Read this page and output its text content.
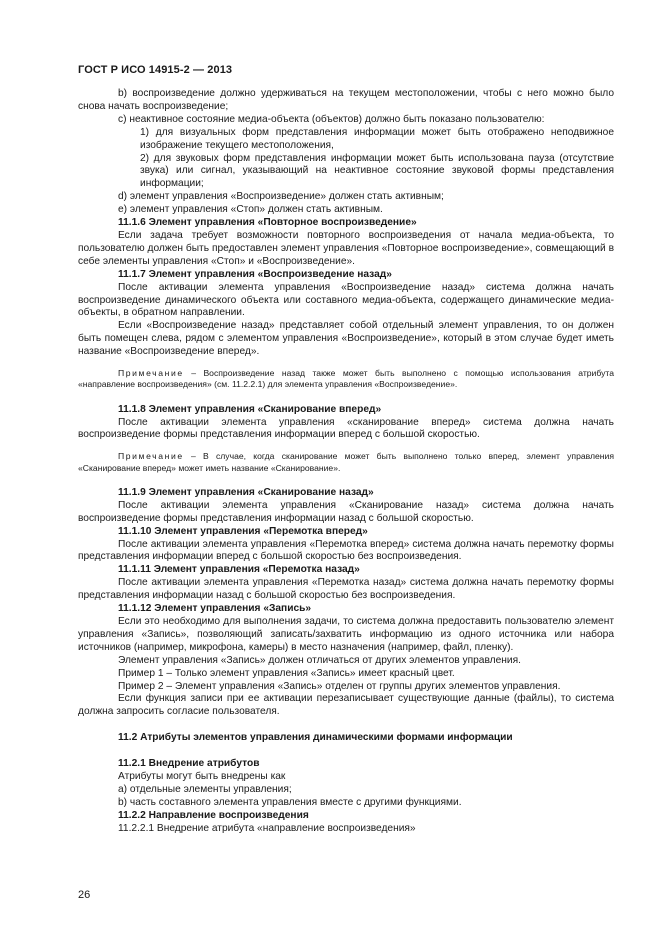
ГОСТ Р ИСО 14915-2 — 2013

b) воспроизведение должно удерживаться на текущем местоположении, чтобы с него можно было снова начать воспроизведение;

c) неактивное состояние медиа-объекта (объектов) должно быть показано пользователю:

1) для визуальных форм представления информации может быть отображено неподвижное изображение текущего местоположения,

2) для звуковых форм представления информации может быть использована пауза (отсутствие звука) или сигнал, указывающий на неактивное состояние звуковой формы представления информации;

d) элемент управления «Воспроизведение» должен стать активным;

e) элемент управления «Стоп» должен стать активным.

11.1.6 Элемент управления «Повторное воспроизведение»

Если задача требует возможности повторного воспроизведения от начала медиа-объекта, то пользователю должен быть предоставлен элемент управления «Повторное воспроизведение», совмещающий в себе элементы управления «Стоп» и «Воспроизведение».

11.1.7 Элемент управления «Воспроизведение назад»

После активации элемента управления «Воспроизведение назад» система должна начать воспроизведение динамического объекта или составного медиа-объекта, содержащего динамические медиа-объекты, в обратном направлении.

Если «Воспроизведение назад» представляет собой отдельный элемент управления, то он должен быть помещен слева, рядом с элементом управления «Воспроизведение», который в этом случае будет иметь название «Воспроизведение вперед».

Примечание – Воспроизведение назад также может быть выполнено с помощью использования атрибута «направление воспроизведения» (см. 11.2.2.1) для элемента управления «Воспроизведение».

11.1.8 Элемент управления «Сканирование вперед»

После активации элемента управления «сканирование вперед» система должна начать воспроизведение формы представления информации вперед с большой скоростью.

Примечание – В случае, когда сканирование может быть выполнено только вперед, элемент управления «Сканирование вперед» может иметь название «Сканирование».

11.1.9 Элемент управления «Сканирование назад»

После активации элемента управления «Сканирование назад» система должна начать воспроизведение формы представления информации назад с большой скоростью.

11.1.10 Элемент управления «Перемотка вперед»

После активации элемента управления «Перемотка вперед» система должна начать перемотку формы представления информации вперед с большой скоростью без воспроизведения.

11.1.11 Элемент управления «Перемотка назад»

После активации элемента управления «Перемотка назад» система должна начать перемотку формы представления информации назад с большой скоростью без воспроизведения.

11.1.12 Элемент управления «Запись»

Если это необходимо для выполнения задачи, то система должна предоставить пользователю элемент управления «Запись», позволяющий записать/захватить информацию из одного источника или набора источников (например, микрофона, камеры) в место назначения (например, файл, пленку).

Элемент управления «Запись» должен отличаться от других элементов управления.

Пример 1 – Только элемент управления «Запись» имеет красный цвет.

Пример 2 – Элемент управления «Запись» отделен от группы других элементов управления.

Если функция записи при ее активации перезаписывает существующие данные (файлы), то система должна запросить согласие пользователя.

11.2 Атрибуты элементов управления динамическими формами информации

11.2.1 Внедрение атрибутов

Атрибуты могут быть внедрены как

а) отдельные элементы управления;

b) часть составного элемента управления вместе с другими функциями.

11.2.2 Направление воспроизведения

11.2.2.1 Внедрение атрибута «направление воспроизведения»

26
